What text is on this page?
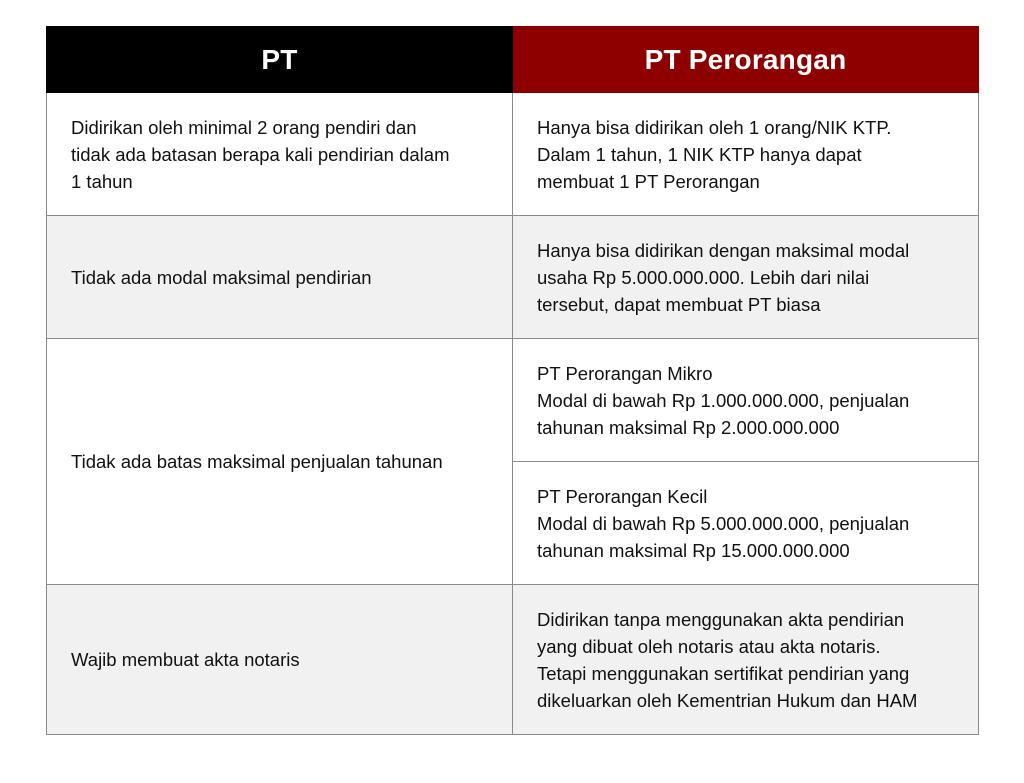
PT	PT Perorangan

Didirikan oleh minimal 2 orang pendiri dan
tidak ada batasan berapa kali pendirian dalam
1 tahun	Hanya bisa didirikan oleh 1 orang/NIK KTP.
Dalam 1 tahun, 1 NIK KTP hanya dapat
membuat 1 PT Perorangan

Tidak ada modal maksimal pendirian	Hanya bisa didirikan dengan maksimal modal
usaha Rp 5.000.000.000. Lebih dari nilai
tersebut, dapat membuat PT biasa

Tidak ada batas maksimal penjualan tahunan	PT Perorangan Mikro
Modal di bawah Rp 1.000.000.000, penjualan
tahunan maksimal Rp 2.000.000.000

	PT Perorangan Kecil
Modal di bawah Rp 5.000.000.000, penjualan
tahunan maksimal Rp 15.000.000.000

Wajib membuat akta notaris	Didirikan tanpa menggunakan akta pendirian
yang dibuat oleh notaris atau akta notaris.
Tetapi menggunakan sertifikat pendirian yang
dikeluarkan oleh Kementrian Hukum dan HAM
